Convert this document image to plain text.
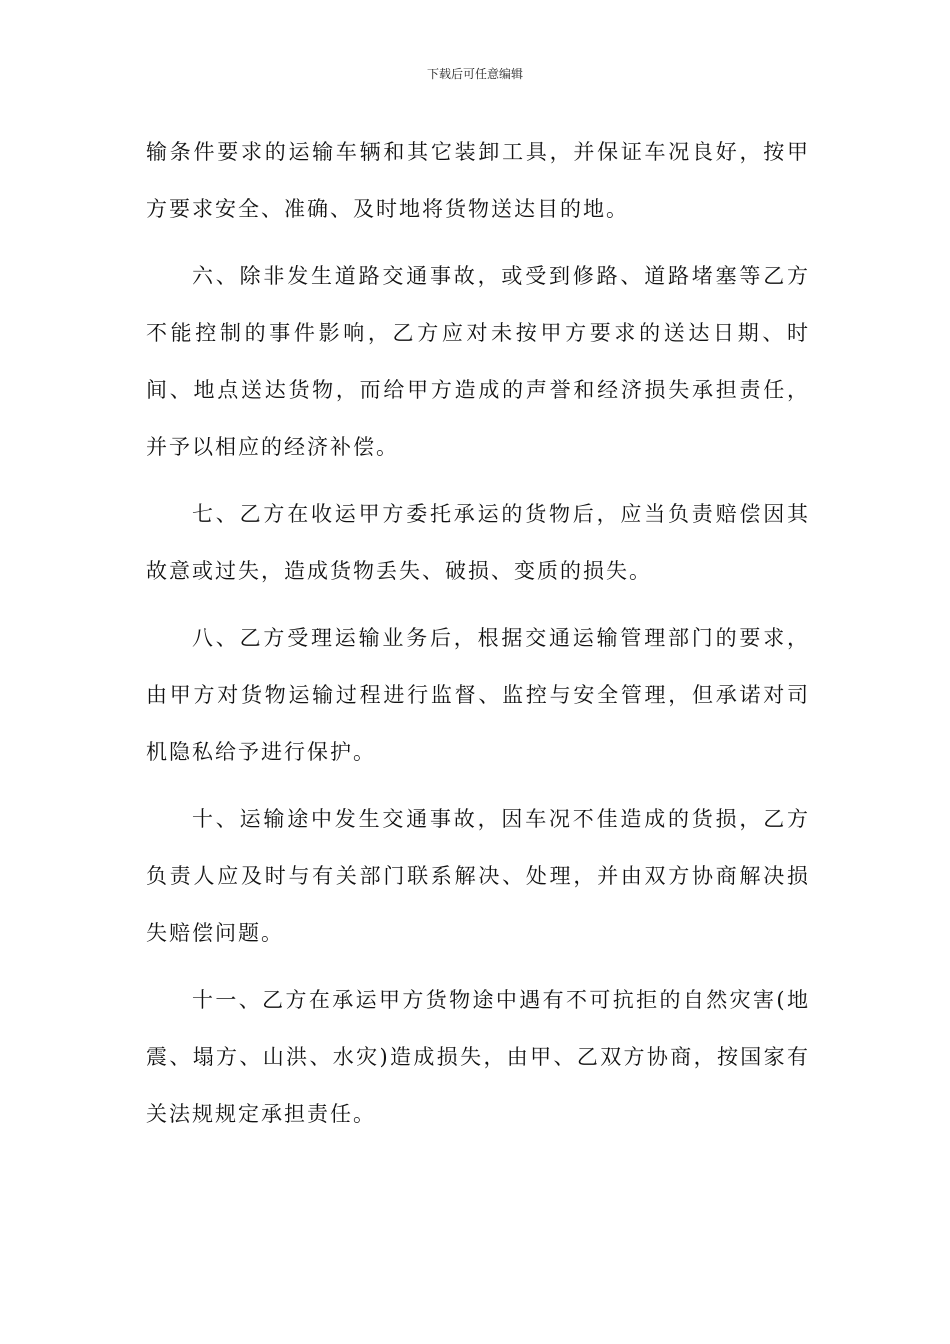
下载后可任意编辑

输条件要求的运输车辆和其它装卸工具，并保证车况良好，按甲方要求安全、准确、及时地将货物送达目的地。

六、除非发生道路交通事故，或受到修路、道路堵塞等乙方不能控制的事件影响，乙方应对未按甲方要求的送达日期、时间、地点送达货物，而给甲方造成的声誉和经济损失承担责任，并予以相应的经济补偿。

七、乙方在收运甲方委托承运的货物后，应当负责赔偿因其故意或过失，造成货物丢失、破损、变质的损失。

八、乙方受理运输业务后，根据交通运输管理部门的要求，由甲方对货物运输过程进行监督、监控与安全管理，但承诺对司机隐私给予进行保护。

十、运输途中发生交通事故，因车况不佳造成的货损，乙方负责人应及时与有关部门联系解决、处理，并由双方协商解决损失赔偿问题。

十一、乙方在承运甲方货物途中遇有不可抗拒的自然灾害(地震、塌方、山洪、水灾)造成损失，由甲、乙双方协商，按国家有关法规规定承担责任。
